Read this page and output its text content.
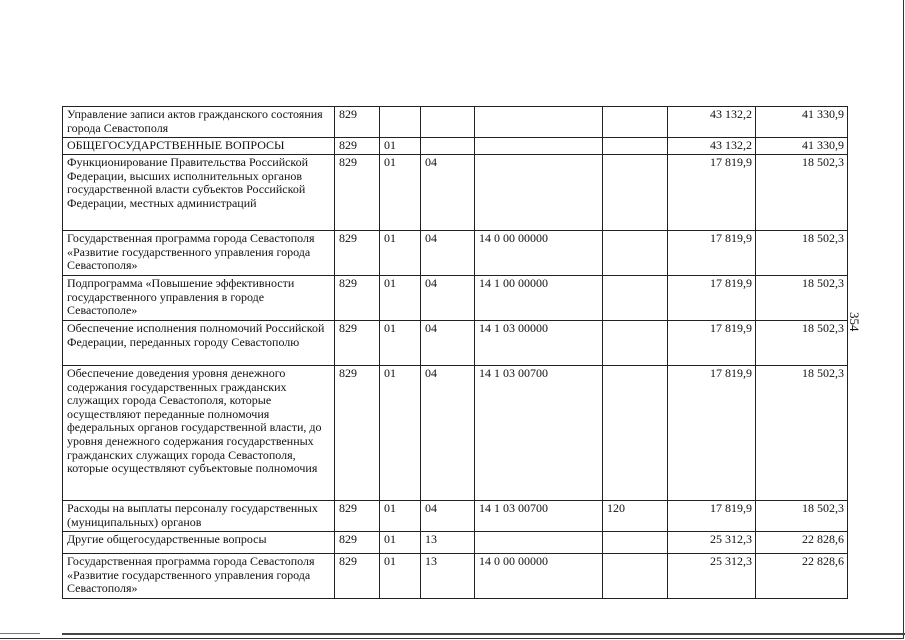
Управление записи актов гражданского состояния города Севастополя	829					43 132,2	41 330,9
ОБЩЕГОСУДАРСТВЕННЫЕ ВОПРОСЫ	829	01				43 132,2	41 330,9
Функционирование Правительства Российской Федерации, высших исполнительных органов государственной власти субъектов Российской Федерации, местных администраций	829	01	04			17 819,9	18 502,3
Государственная программа города Севастополя «Развитие государственного управления города Севастополя»	829	01	04	14 0 00 00000		17 819,9	18 502,3
Подпрограмма «Повышение эффективности государственного управления в городе Севастополе»	829	01	04	14 1 00 00000		17 819,9	18 502,3
Обеспечение исполнения полномочий Российской Федерации, переданных городу Севастополю	829	01	04	14 1 03 00000		17 819,9	18 502,3
Обеспечение доведения уровня денежного содержания государственных гражданских служащих города Севастополя, которые осуществляют переданные полномочия федеральных органов государственной власти, до уровня денежного содержания государственных гражданских служащих города Севастополя, которые осуществляют субъектовые полномочия	829	01	04	14 1 03 00700		17 819,9	18 502,3
Расходы на выплаты персоналу государственных (муниципальных) органов	829	01	04	14 1 03 00700	120	17 819,9	18 502,3
Другие общегосударственные вопросы	829	01	13			25 312,3	22 828,6
Государственная программа города Севастополя «Развитие государственного управления города Севастополя»	829	01	13	14 0 00 00000		25 312,3	22 828,6
354
